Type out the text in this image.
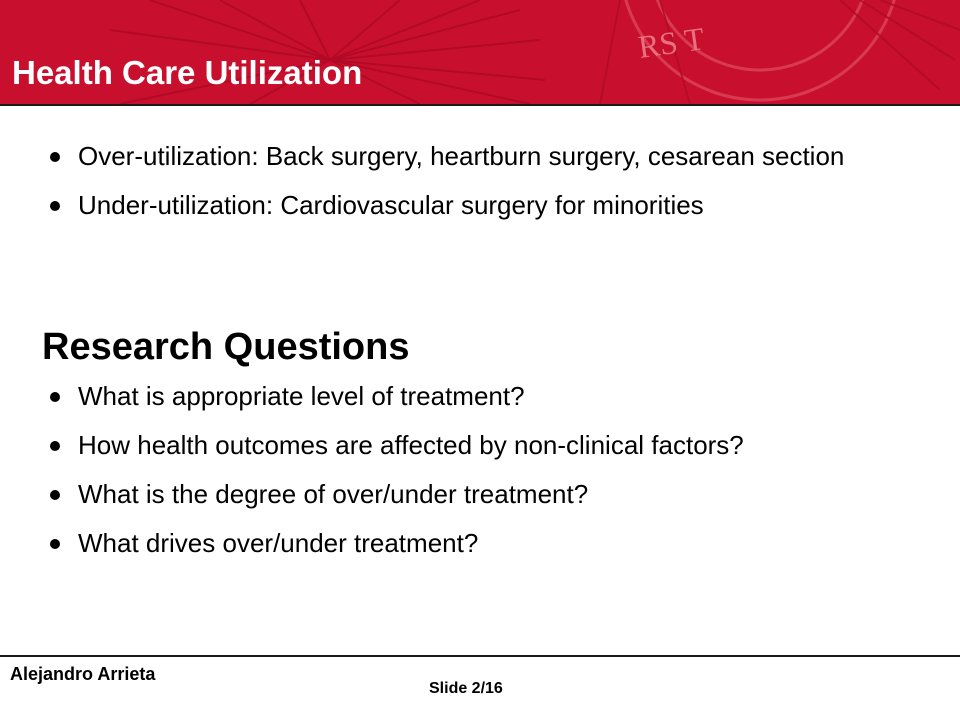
RS T
Health Care Utilization
Over-utilization: Back surgery, heartburn surgery, cesarean section
Under-utilization: Cardiovascular surgery for minorities
Research Questions
What is appropriate level of treatment?
How health outcomes are affected by non-clinical factors?
What is the degree of over/under treatment?
What drives over/under treatment?
Alejandro Arrieta
Slide 2/16
